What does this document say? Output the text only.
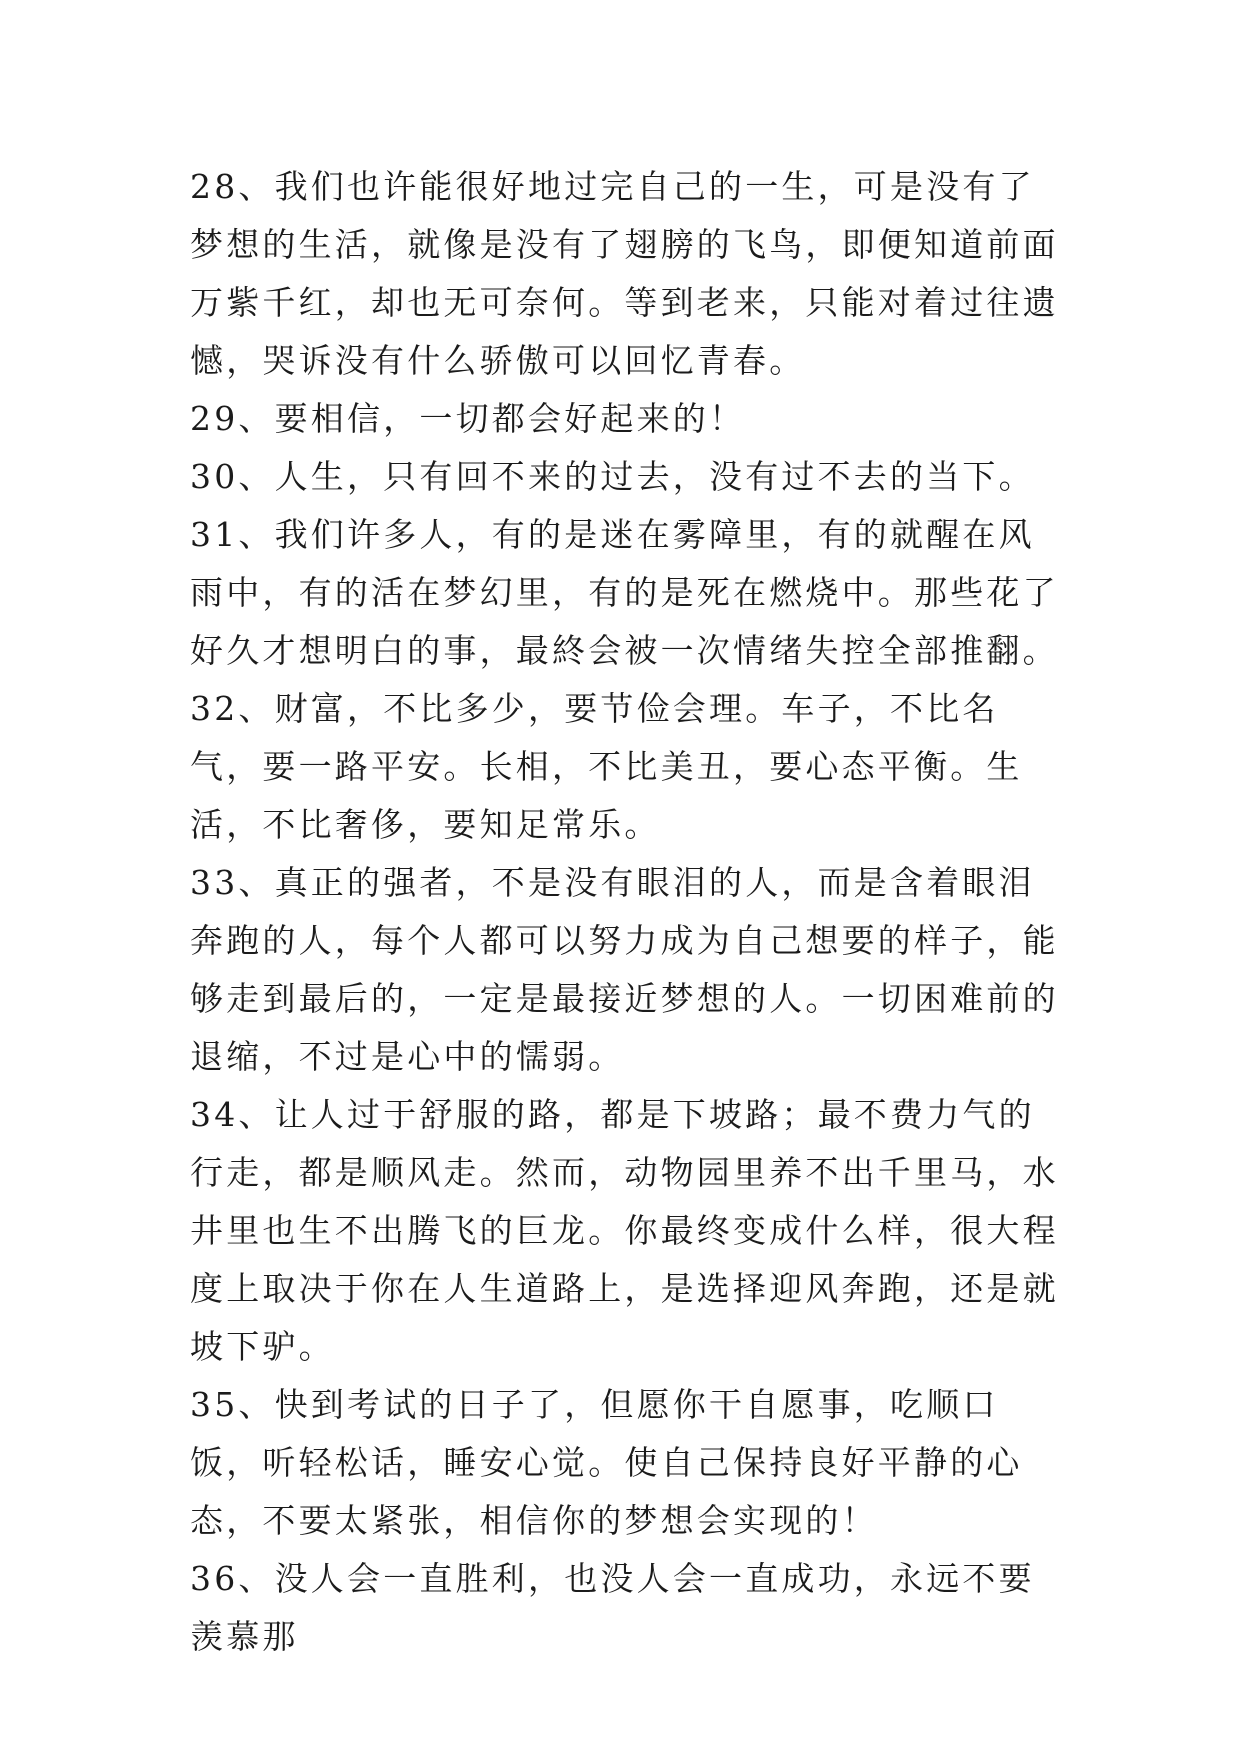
28、我们也许能很好地过完自己的一生，可是没有了梦想的生活，就像是没有了翅膀的飞鸟，即便知道前面万紫千红，却也无可奈何。等到老来，只能对着过往遗憾，哭诉没有什么骄傲可以回忆青春。

29、要相信，一切都会好起来的！

30、人生，只有回不来的过去，没有过不去的当下。

31、我们许多人，有的是迷在雾障里，有的就醒在风雨中，有的活在梦幻里，有的是死在燃烧中。那些花了好久才想明白的事，最終会被一次情绪失控全部推翻。

32、财富，不比多少，要节俭会理。车子，不比名气，要一路平安。长相，不比美丑，要心态平衡。生活，不比奢侈，要知足常乐。

33、真正的强者，不是没有眼泪的人，而是含着眼泪奔跑的人，每个人都可以努力成为自己想要的样子，能够走到最后的，一定是最接近梦想的人。一切困难前的退缩，不过是心中的懦弱。

34、让人过于舒服的路，都是下坡路；最不费力气的行走，都是顺风走。然而，动物园里养不出千里马，水井里也生不出腾飞的巨龙。你最终变成什么样，很大程度上取决于你在人生道路上，是选择迎风奔跑，还是就坡下驴。

35、快到考试的日子了，但愿你干自愿事，吃顺口饭，听轻松话，睡安心觉。使自己保持良好平静的心态，不要太紧张，相信你的梦想会实现的！

36、没人会一直胜利，也没人会一直成功，永远不要羡慕那
